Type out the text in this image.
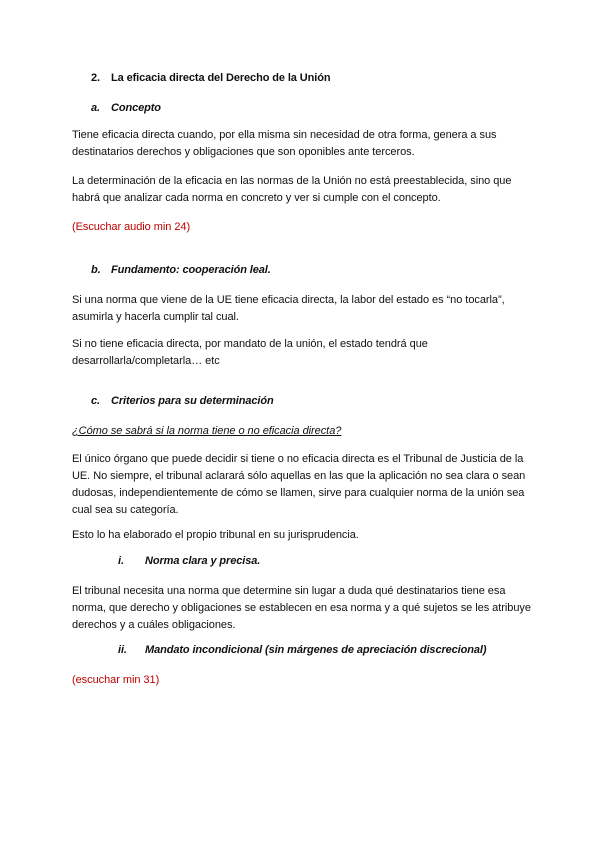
2. La eficacia directa del Derecho de la Unión
a. Concepto

Tiene eficacia directa cuando, por ella misma sin necesidad de otra forma, genera a sus destinatarios derechos y obligaciones que son oponibles ante terceros.

La determinación de la eficacia en las normas de la Unión no está preestablecida, sino que habrá que analizar cada norma en concreto y ver si cumple con el concepto.

(Escuchar audio min 24)

b. Fundamento: cooperación leal.

Si una norma que viene de la UE tiene eficacia directa, la labor del estado es “no tocarla”, asumirla y hacerla cumplir tal cual.

Si no tiene eficacia directa, por mandato de la unión, el estado tendrá que desarrollarla/completarla… etc

c. Criterios para su determinación

¿Cómo se sabrá si la norma tiene o no eficacia directa?

El único órgano que puede decidir si tiene o no eficacia directa es el Tribunal de Justicia de la UE. No siempre, el tribunal aclarará sólo aquellas en las que la aplicación no sea clara o sean dudosas, independientemente de cómo se llamen, sirve para cualquier norma de la unión sea cual sea su categoría.

Esto lo ha elaborado el propio tribunal en su jurisprudencia.

i. Norma clara y precisa.

El tribunal necesita una norma que determine sin lugar a duda qué destinatarios tiene esa norma, que derecho y obligaciones se establecen en esa norma y a qué sujetos se les atribuye derechos y a cuáles obligaciones.

ii. Mandato incondicional (sin márgenes de apreciación discrecional)

(escuchar min 31)
